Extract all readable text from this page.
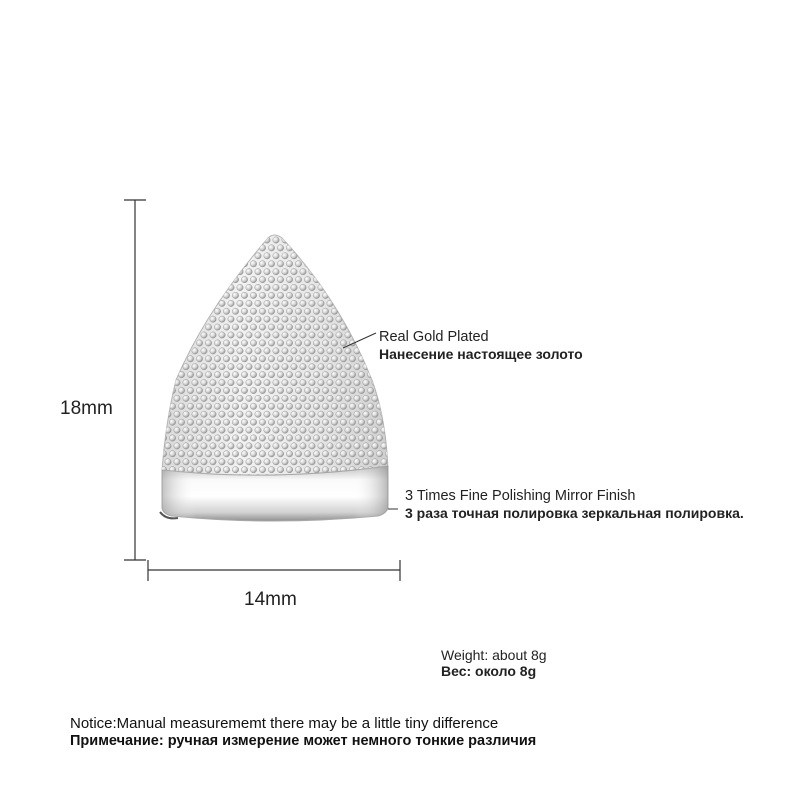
18mm
14mm
Real Gold Plated
Нанесение настоящее золото
3 Times Fine Polishing Mirror Finish
3 раза точная полировка зеркальная полировка.
Weight: about 8g
Вес: около 8g
Notice:Manual measurememt there may be a little tiny difference
Примечание: ручная измерение может немного тонкие различия
